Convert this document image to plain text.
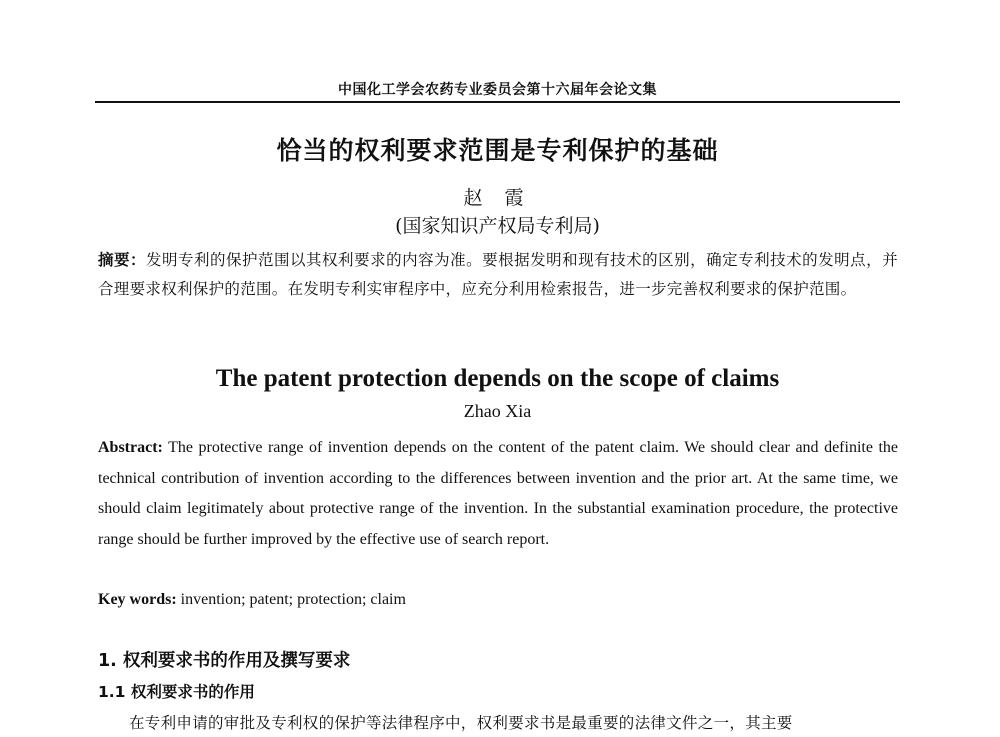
中国化工学会农药专业委员会第十六届年会论文集
恰当的权利要求范围是专利保护的基础
赵 霞
(国家知识产权局专利局)
摘要：发明专利的保护范围以其权利要求的内容为准。要根据发明和现有技术的区别，确定专利技术的发明点，并合理要求权利保护的范围。在发明专利实审程序中，应充分利用检索报告，进一步完善权利要求的保护范围。
The patent protection depends on the scope of claims
Zhao Xia
Abstract: The protective range of invention depends on the content of the patent claim. We should clear and definite the technical contribution of invention according to the differences between invention and the prior art. At the same time, we should claim legitimately about protective range of the invention. In the substantial examination procedure, the protective range should be further improved by the effective use of search report.
Key words: invention; patent; protection; claim
1. 权利要求书的作用及撰写要求
1.1 权利要求书的作用
在专利申请的审批及专利权的保护等法律程序中，权利要求书是最重要的法律文件之一，其主要
